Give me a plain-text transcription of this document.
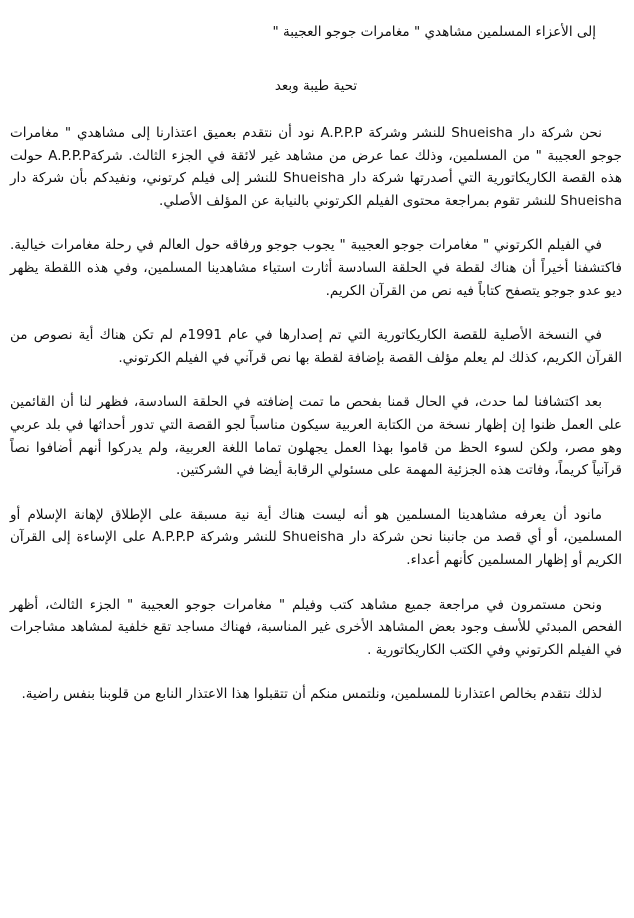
إلى الأعزاء المسلمين مشاهدي " مغامرات جوجو العجيبة "

تحية طيبة وبعد

نحن شركة دار Shueisha للنشر وشركة A.P.P.P نود أن نتقدم بعميق اعتذارنا إلى مشاهدي " مغامرات جوجو العجيبة " من المسلمين، وذلك عما عرض من مشاهد غير لائقة في الجزء الثالث. شركةA.P.P.P حولت هذه القصة الكاريكاتورية التي أصدرتها شركة دار Shueisha للنشر إلى فيلم كرتوني، ونفيدكم بأن شركة دار Shueisha للنشر تقوم بمراجعة محتوى الفيلم الكرتوني بالنيابة عن المؤلف الأصلي.

في الفيلم الكرتوني " مغامرات جوجو العجيبة " يجوب جوجو ورفاقه حول العالم في رحلة مغامرات خيالية. فاكتشفنا أخيراً أن هناك لقطة في الحلقة السادسة أثارت استياء مشاهدينا المسلمين، وفي هذه اللقطة يظهر ديو عدو جوجو يتصفح كتاباً فيه نص من القرآن الكريم.

في النسخة الأصلية للقصة الكاريكاتورية التي تم إصدارها في عام 1991م لم تكن هناك أية نصوص من القرآن الكريم، كذلك لم يعلم مؤلف القصة بإضافة لقطة بها نص قرآني في الفيلم الكرتوني.

بعد اكتشافنا لما حدث، في الحال قمنا بفحص ما تمت إضافته في الحلقة السادسة، فظهر لنا أن القائمين على العمل ظنوا إن إظهار نسخة من الكتابة العربية سيكون مناسباً لجو القصة التي تدور أحداثها في بلد عربي وهو مصر، ولكن لسوء الحظ من قاموا بهذا العمل يجهلون تماما اللغة العربية، ولم يدركوا أنهم أضافوا نصاً قرآنياً كريماً، وفاتت هذه الجزئية المهمة على مسئولي الرقابة أيضا في الشركتين.

مانود أن يعرفه مشاهدينا المسلمين هو أنه ليست هناك أية نية مسبقة على الإطلاق لإهانة الإسلام أو المسلمين، أو أي قصد من جانبنا نحن شركة دار Shueisha للنشر وشركة A.P.P.P على الإساءة إلى القرآن الكريم أو إظهار المسلمين كأنهم أعداء.

ونحن مستمرون في مراجعة جميع مشاهد كتب وفيلم " مغامرات جوجو العجيبة " الجزء الثالث، أظهر الفحص المبدئي للأسف وجود بعض المشاهد الأخرى غير المناسبة، فهناك مساجد تقع خلفية لمشاهد مشاجرات في الفيلم الكرتوني وفي الكتب الكاريكاتورية .

لذلك نتقدم بخالص اعتذارنا للمسلمين، ونلتمس منكم أن تتقبلوا هذا الاعتذار النابع من قلوبنا بنفس راضية.
